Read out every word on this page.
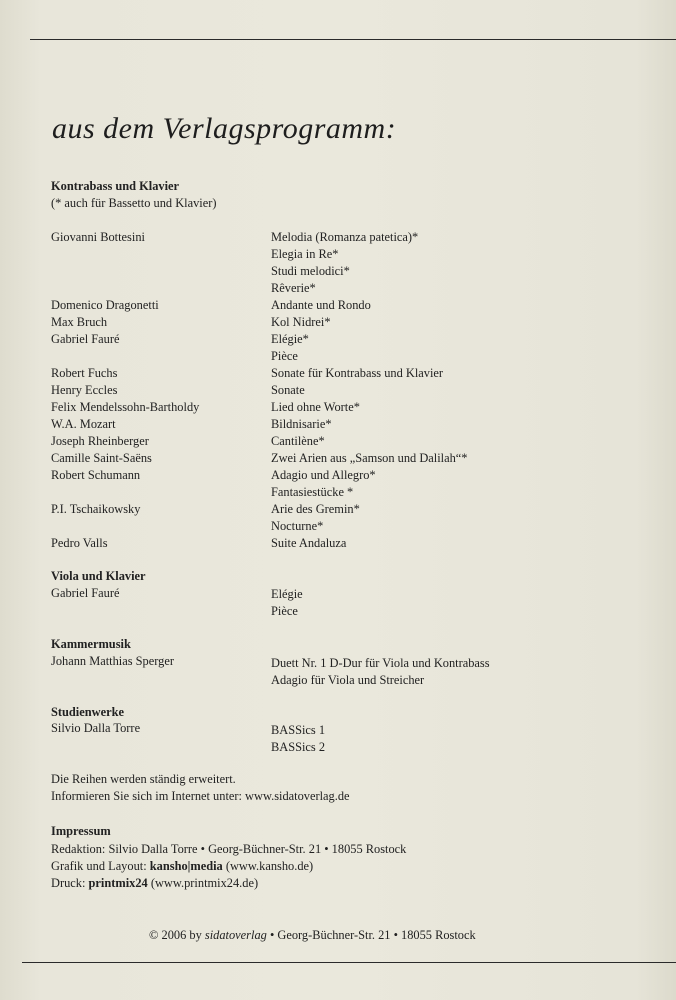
aus dem Verlagsprogramm:
Kontrabass und Klavier
(* auch für Bassetto und Klavier)
Giovanni Bottesini	Melodia (Romanza patetica)*
Elegia in Re*
Studi melodici*
Rêverie*
Domenico Dragonetti	Andante und Rondo
Max Bruch	Kol Nidrei*
Gabriel Fauré	Elégie*
Pièce
Robert Fuchs	Sonate für Kontrabass und Klavier
Henry Eccles	Sonate
Felix Mendelssohn-Bartholdy	Lied ohne Worte*
W.A. Mozart	Bildnisarie*
Joseph Rheinberger	Cantilène*
Camille Saint-Saëns	Zwei Arien aus „Samson und Dalilah“*
Robert Schumann	Adagio und Allegro*
Fantasiestücke *
P.I. Tschaikowsky	Arie des Gremin*
Nocturne*
Pedro Valls	Suite Andaluza
Viola und Klavier
Gabriel Fauré	Elégie
Pièce
Kammermusik
Johann Matthias Sperger	Duett Nr. 1 D-Dur für Viola und Kontrabass
Adagio für Viola und Streicher
Studienwerke
Silvio Dalla Torre	BASSics 1
BASSics 2
Die Reihen werden ständig erweitert.
Informieren Sie sich im Internet unter: www.sidatoverlag.de
Impressum
Redaktion: Silvio Dalla Torre • Georg-Büchner-Str. 21 • 18055 Rostock
Grafik und Layout: kansho|media (www.kansho.de)
Druck: printmix24 (www.printmix24.de)
© 2006 by sidatoverlag • Georg-Büchner-Str. 21 • 18055 Rostock
